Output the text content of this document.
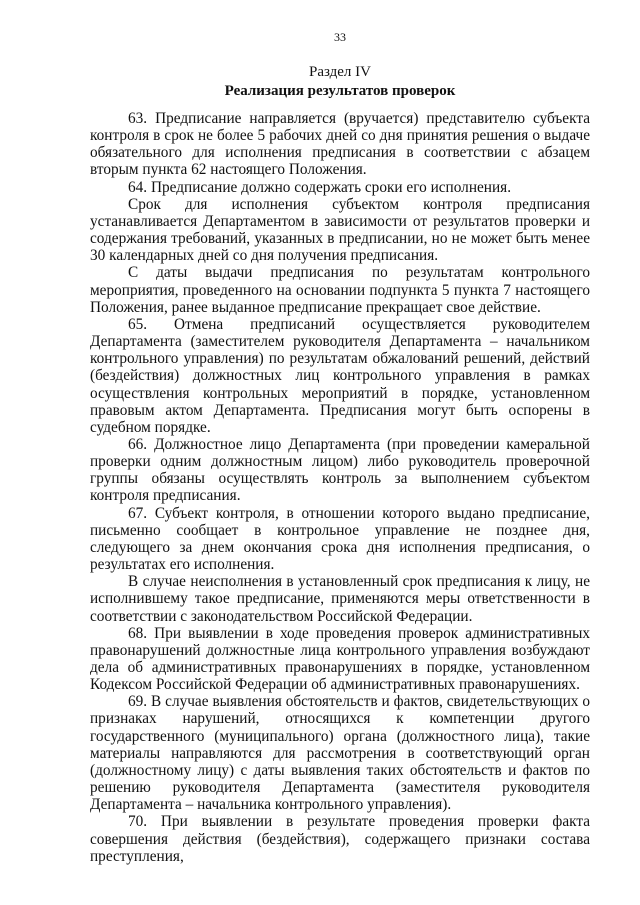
33
Раздел IV
Реализация результатов проверок

63. Предписание направляется (вручается) представителю субъекта контроля в срок не более 5 рабочих дней со дня принятия решения о выдаче обязательного для исполнения предписания в соответствии с абзацем вторым пункта 62 настоящего Положения.

64. Предписание должно содержать сроки его исполнения.

Срок для исполнения субъектом контроля предписания устанавливается Департаментом в зависимости от результатов проверки и содержания требований, указанных в предписании, но не может быть менее 30 календарных дней со дня получения предписания.

С даты выдачи предписания по результатам контрольного мероприятия, проведенного на основании подпункта 5 пункта 7 настоящего Положения, ранее выданное предписание прекращает свое действие.

65. Отмена предписаний осуществляется руководителем Департамента (заместителем руководителя Департамента – начальником контрольного управления) по результатам обжалований решений, действий (бездействия) должностных лиц контрольного управления в рамках осуществления контрольных мероприятий в порядке, установленном правовым актом Департамента. Предписания могут быть оспорены в судебном порядке.

66. Должностное лицо Департамента (при проведении камеральной проверки одним должностным лицом) либо руководитель проверочной группы обязаны осуществлять контроль за выполнением субъектом контроля предписания.

67. Субъект контроля, в отношении которого выдано предписание, письменно сообщает в контрольное управление не позднее дня, следующего за днем окончания срока дня исполнения предписания, о результатах его исполнения.

В случае неисполнения в установленный срок предписания к лицу, не исполнившему такое предписание, применяются меры ответственности в соответствии с законодательством Российской Федерации.

68. При выявлении в ходе проведения проверок административных правонарушений должностные лица контрольного управления возбуждают дела об административных правонарушениях в порядке, установленном Кодексом Российской Федерации об административных правонарушениях.

69. В случае выявления обстоятельств и фактов, свидетельствующих о признаках нарушений, относящихся к компетенции другого государственного (муниципального) органа (должностного лица), такие материалы направляются для рассмотрения в соответствующий орган (должностному лицу) с даты выявления таких обстоятельств и фактов по решению руководителя Департамента (заместителя руководителя Департамента – начальника контрольного управления).

70. При выявлении в результате проведения проверки факта совершения действия (бездействия), содержащего признаки состава преступления,
